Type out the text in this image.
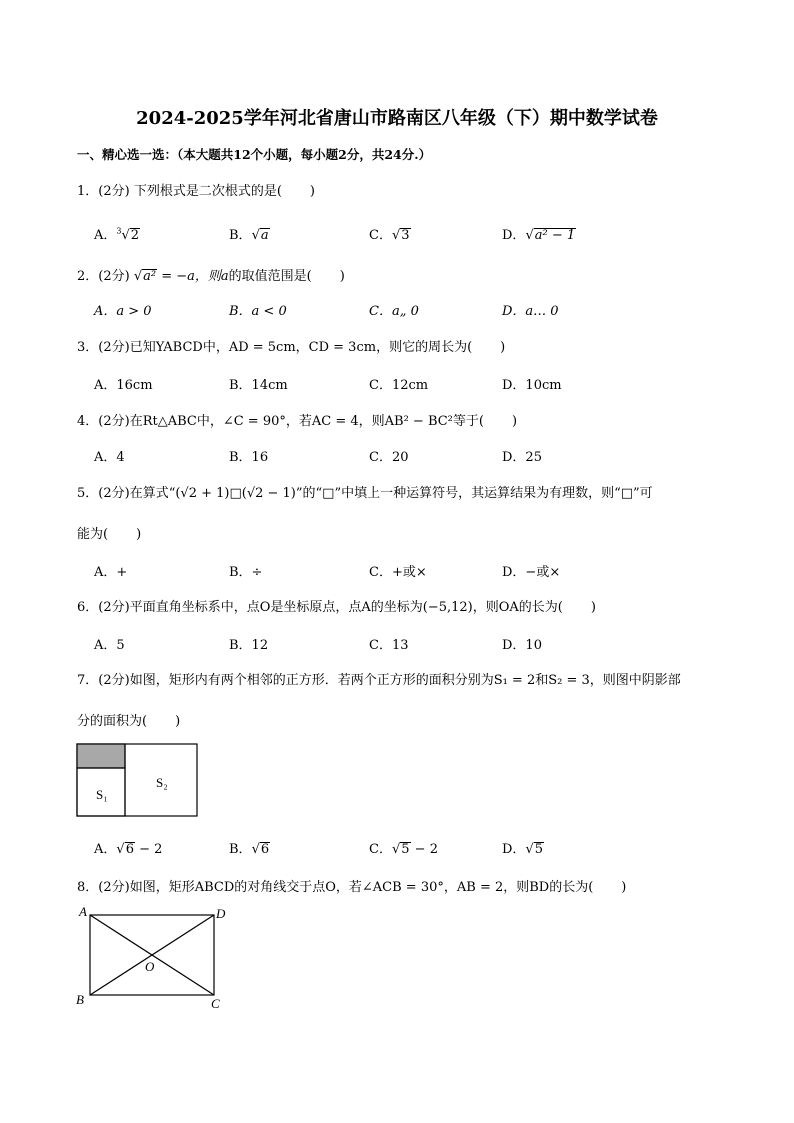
2024-2025学年河北省唐山市路南区八年级（下）期中数学试卷
一、精心选一选：（本大题共12个小题，每小题2分，共24分.）
1．(2分) 下列根式是二次根式的是( )
A．$^3$√2	B．√a	C．√3	D．√a² − 1
2．(2分) √a² = −a，则a的取值范围是( )
A．a > 0	B．a < 0	C．a„ 0	D．a… 0
3．(2分)已知YABCD中，AD = 5cm，CD = 3cm，则它的周长为( )
A．16cm	B．14cm	C．12cm	D．10cm
4．(2分)在Rt△ABC中，∠C = 90°，若AC = 4，则AB² − BC²等于( )
A．4	B．16	C．20	D．25
5．(2分)在算式“(√2 + 1)□(√2 − 1)”的“□”中填上一种运算符号，其运算结果为有理数，则“□”可
能为( )
A．+	B．÷	C．+或×	D．−或×
6．(2分)平面直角坐标系中，点O是坐标原点，点A的坐标为(−5,12)，则OA的长为( )
A．5	B．12	C．13	D．10
7．(2分)如图，矩形内有两个相邻的正方形．若两个正方形的面积分别为S₁ = 2和S₂ = 3，则图中阴影部
分的面积为( )
S₁
S₂
A．√6 − 2	B．√6	C．√5 − 2	D．√5
8．(2分)如图，矩形ABCD的对角线交于点O，若∠ACB = 30°，AB = 2，则BD的长为( )
A	D
B	C
O
